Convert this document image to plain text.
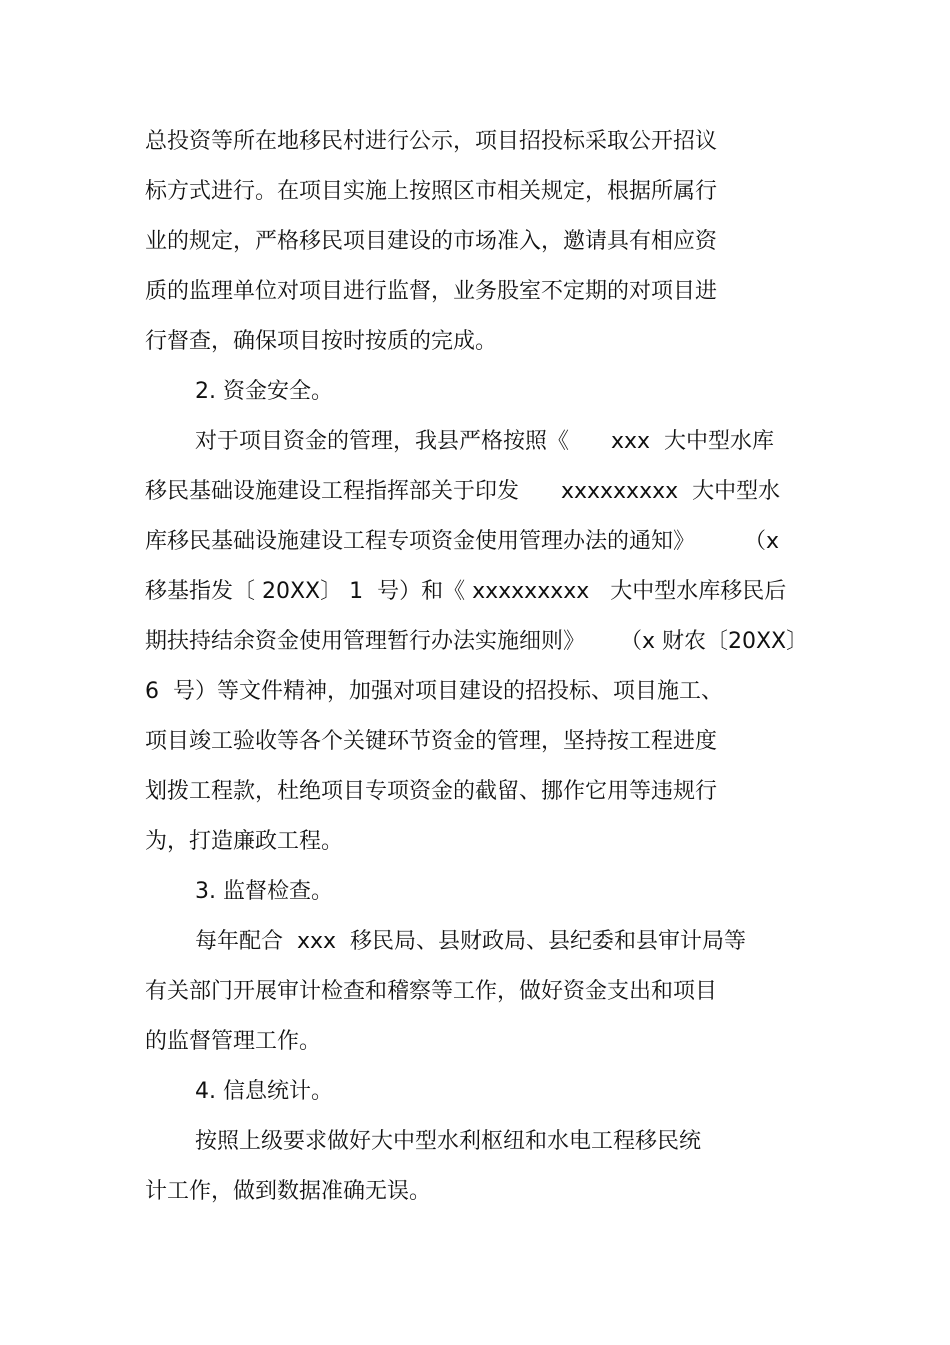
总投资等所在地移民村进行公示，项目招投标采取公开招议
标方式进行。在项目实施上按照区市相关规定，根据所属行
业的规定，严格移民项目建设的市场准入，邀请具有相应资
质的监理单位对项目进行监督，业务股室不定期的对项目进
行督查，确保项目按时按质的完成。
2. 资金安全。
对于项目资金的管理，我县严格按照《      xxx  大中型水库
移民基础设施建设工程指挥部关于印发      xxxxxxxxx  大中型水
库移民基础设施建设工程专项资金使用管理办法的通知》       （x
移基指发〔 20XX〕 1  号）和《 xxxxxxxxx   大中型水库移民后
期扶持结余资金使用管理暂行办法实施细则》     （x 财农〔20XX〕
6  号）等文件精神，加强对项目建设的招投标、项目施工、
项目竣工验收等各个关键环节资金的管理，坚持按工程进度
划拨工程款，杜绝项目专项资金的截留、挪作它用等违规行
为，打造廉政工程。
3. 监督检查。
每年配合  xxx  移民局、县财政局、县纪委和县审计局等
有关部门开展审计检查和稽察等工作，做好资金支出和项目
的监督管理工作。
4. 信息统计。
按照上级要求做好大中型水利枢纽和水电工程移民统
计工作，做到数据准确无误。
